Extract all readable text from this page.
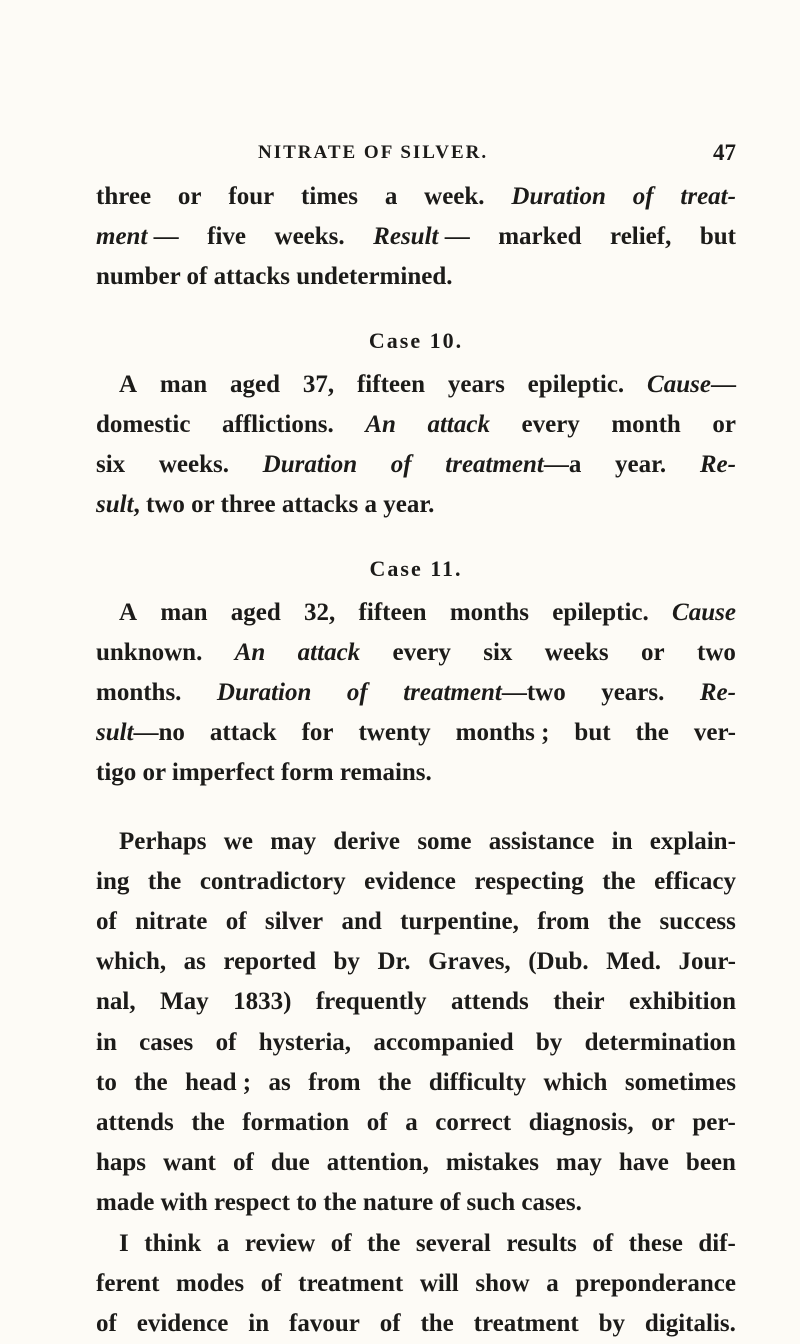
NITRATE OF SILVER.	47
three or four times a week. Duration of treat-
ment — five weeks. Result — marked relief, but
number of attacks undetermined.
Case 10.
A man aged 37, fifteen years epileptic. Cause—
domestic afflictions. An attack every month or
six weeks. Duration of treatment—a year. Re-
sult, two or three attacks a year.
Case 11.
A man aged 32, fifteen months epileptic. Cause
unknown. An attack every six weeks or two
months. Duration of treatment—two years. Re-
sult—no attack for twenty months ; but the ver-
tigo or imperfect form remains.
Perhaps we may derive some assistance in explain-
ing the contradictory evidence respecting the efficacy
of nitrate of silver and turpentine, from the success
which, as reported by Dr. Graves, (Dub. Med. Jour-
nal, May 1833) frequently attends their exhibition
in cases of hysteria, accompanied by determination
to the head ; as from the difficulty which sometimes
attends the formation of a correct diagnosis, or per-
haps want of due attention, mistakes may have been
made with respect to the nature of such cases.
I think a review of the several results of these dif-
ferent modes of treatment will show a preponderance
of evidence in favour of the treatment by digitalis.
